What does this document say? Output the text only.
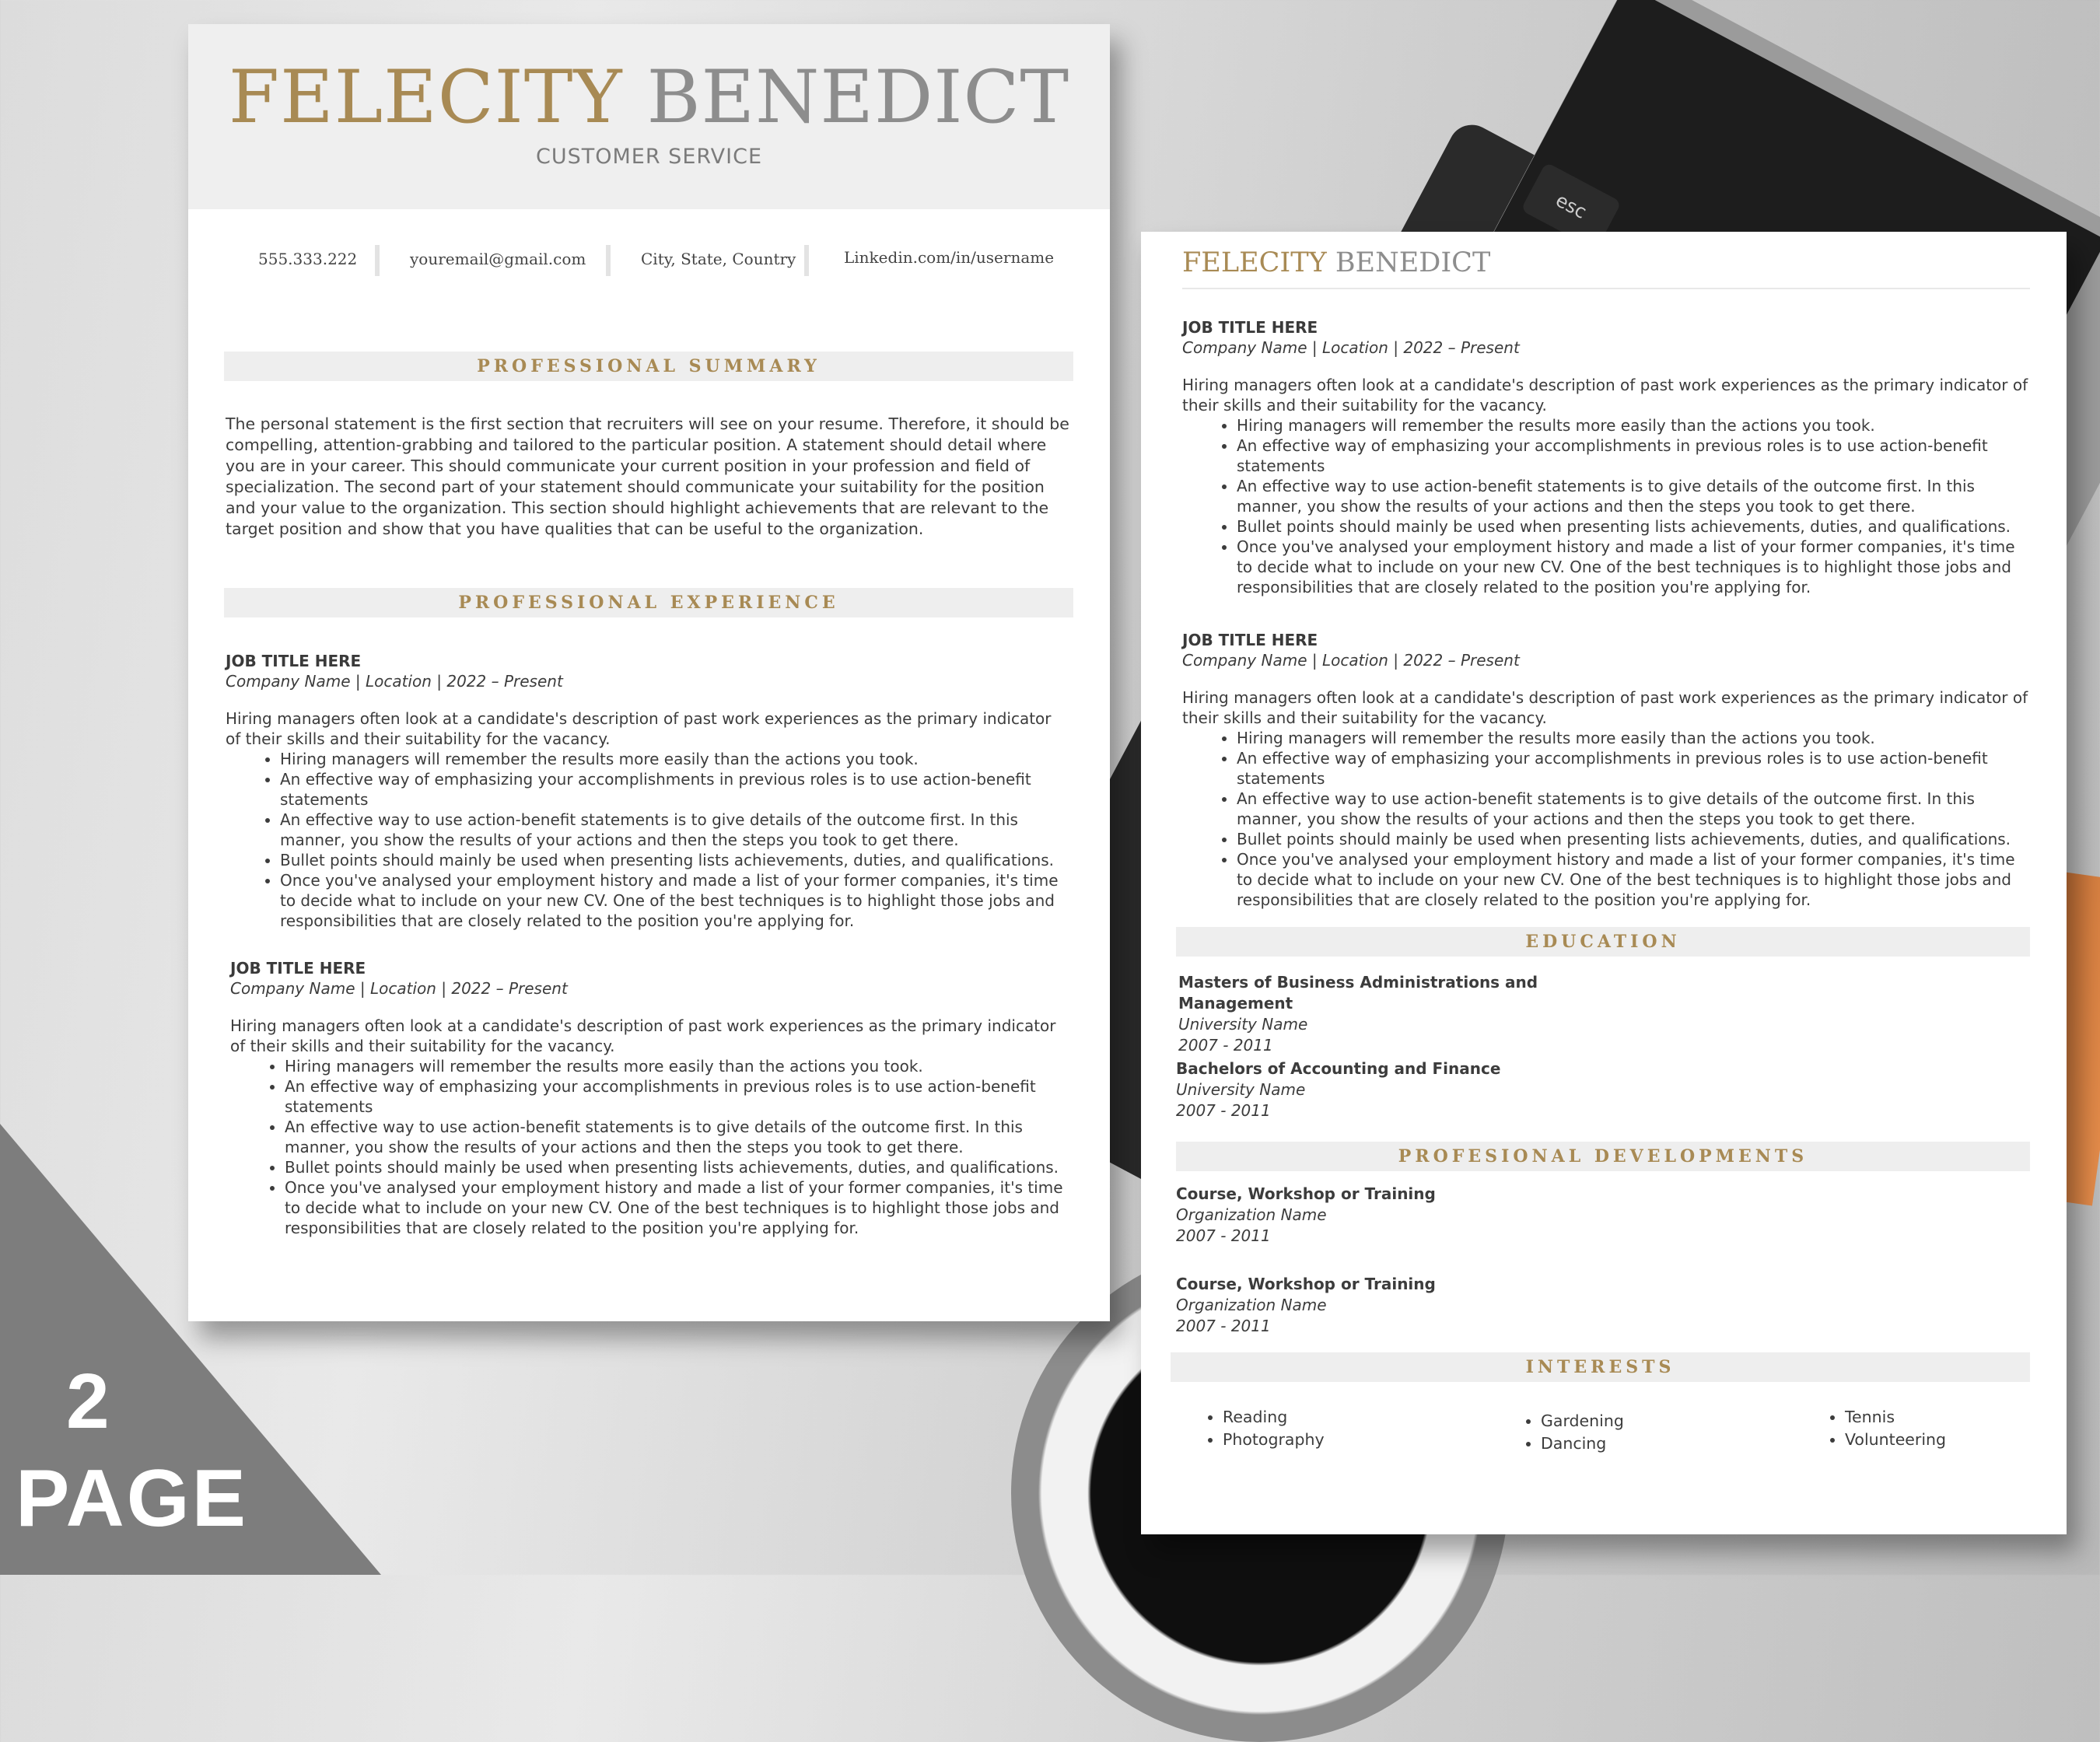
esc
FELECITY BENEDICT
CUSTOMER SERVICE
555.333.222	youremail@gmail.com	City, State, Country	Linkedin.com/in/username
PROFESSIONAL SUMMARY
The personal statement is the first section that recruiters will see on your resume. Therefore, it should be compelling, attention-grabbing and tailored to the particular position. A statement should detail where you are in your career. This should communicate your current position in your profession and field of specialization. The second part of your statement should communicate your suitability for the position and your value to the organization. This section should highlight achievements that are relevant to the target position and show that you have qualities that can be useful to the organization.
PROFESSIONAL EXPERIENCE
JOB TITLE HERE
Company Name | Location | 2022 – Present
Hiring managers often look at a candidate's description of past work experiences as the primary indicator of their skills and their suitability for the vacancy.
• Hiring managers will remember the results more easily than the actions you took.
• An effective way of emphasizing your accomplishments in previous roles is to use action-benefit statements
• An effective way to use action-benefit statements is to give details of the outcome first. In this manner, you show the results of your actions and then the steps you took to get there.
• Bullet points should mainly be used when presenting lists achievements, duties, and qualifications.
• Once you've analysed your employment history and made a list of your former companies, it's time to decide what to include on your new CV. One of the best techniques is to highlight those jobs and responsibilities that are closely related to the position you're applying for.
JOB TITLE HERE
Company Name | Location | 2022 – Present
Hiring managers often look at a candidate's description of past work experiences as the primary indicator of their skills and their suitability for the vacancy.
• Hiring managers will remember the results more easily than the actions you took.
• An effective way of emphasizing your accomplishments in previous roles is to use action-benefit statements
• An effective way to use action-benefit statements is to give details of the outcome first. In this manner, you show the results of your actions and then the steps you took to get there.
• Bullet points should mainly be used when presenting lists achievements, duties, and qualifications.
• Once you've analysed your employment history and made a list of your former companies, it's time to decide what to include on your new CV. One of the best techniques is to highlight those jobs and responsibilities that are closely related to the position you're applying for.
FELECITY BENEDICT
JOB TITLE HERE
Company Name | Location | 2022 – Present
Hiring managers often look at a candidate's description of past work experiences as the primary indicator of their skills and their suitability for the vacancy.
• Hiring managers will remember the results more easily than the actions you took.
• An effective way of emphasizing your accomplishments in previous roles is to use action-benefit statements
• An effective way to use action-benefit statements is to give details of the outcome first. In this manner, you show the results of your actions and then the steps you took to get there.
• Bullet points should mainly be used when presenting lists achievements, duties, and qualifications.
• Once you've analysed your employment history and made a list of your former companies, it's time to decide what to include on your new CV. One of the best techniques is to highlight those jobs and responsibilities that are closely related to the position you're applying for.
JOB TITLE HERE
Company Name | Location | 2022 – Present
Hiring managers often look at a candidate's description of past work experiences as the primary indicator of their skills and their suitability for the vacancy.
• Hiring managers will remember the results more easily than the actions you took.
• An effective way of emphasizing your accomplishments in previous roles is to use action-benefit statements
• An effective way to use action-benefit statements is to give details of the outcome first. In this manner, you show the results of your actions and then the steps you took to get there.
• Bullet points should mainly be used when presenting lists achievements, duties, and qualifications.
• Once you've analysed your employment history and made a list of your former companies, it's time to decide what to include on your new CV. One of the best techniques is to highlight those jobs and responsibilities that are closely related to the position you're applying for.
EDUCATION
Masters of Business Administrations and Management
University Name
2007 - 2011
Bachelors of Accounting and Finance
University Name
2007 - 2011
PROFESIONAL DEVELOPMENTS
Course, Workshop or Training
Organization Name
2007 - 2011
Course, Workshop or Training
Organization Name
2007 - 2011
INTERESTS
• Reading
• Photography
• Gardening
• Dancing
• Tennis
• Volunteering
2
PAGE
